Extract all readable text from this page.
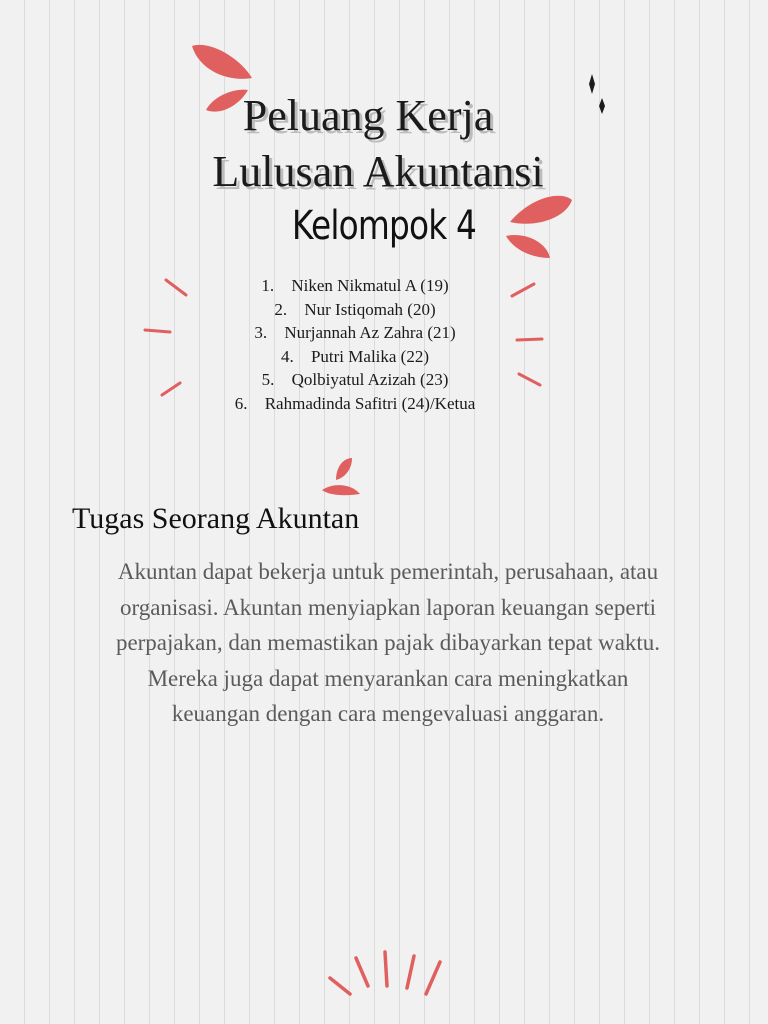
Peluang Kerja
Lulusan Akuntansi
Kelompok 4
1. Niken Nikmatul A (19)
2. Nur Istiqomah (20)
3. Nurjannah Az Zahra (21)
4. Putri Malika (22)
5. Qolbiyatul Azizah (23)
6. Rahmadinda Safitri (24)/Ketua
Tugas Seorang Akuntan

Akuntan dapat bekerja untuk pemerintah, perusahaan, atau
organisasi. Akuntan menyiapkan laporan keuangan seperti
perpajakan, dan memastikan pajak dibayarkan tepat waktu.
Mereka juga dapat menyarankan cara meningkatkan
keuangan dengan cara mengevaluasi anggaran.
